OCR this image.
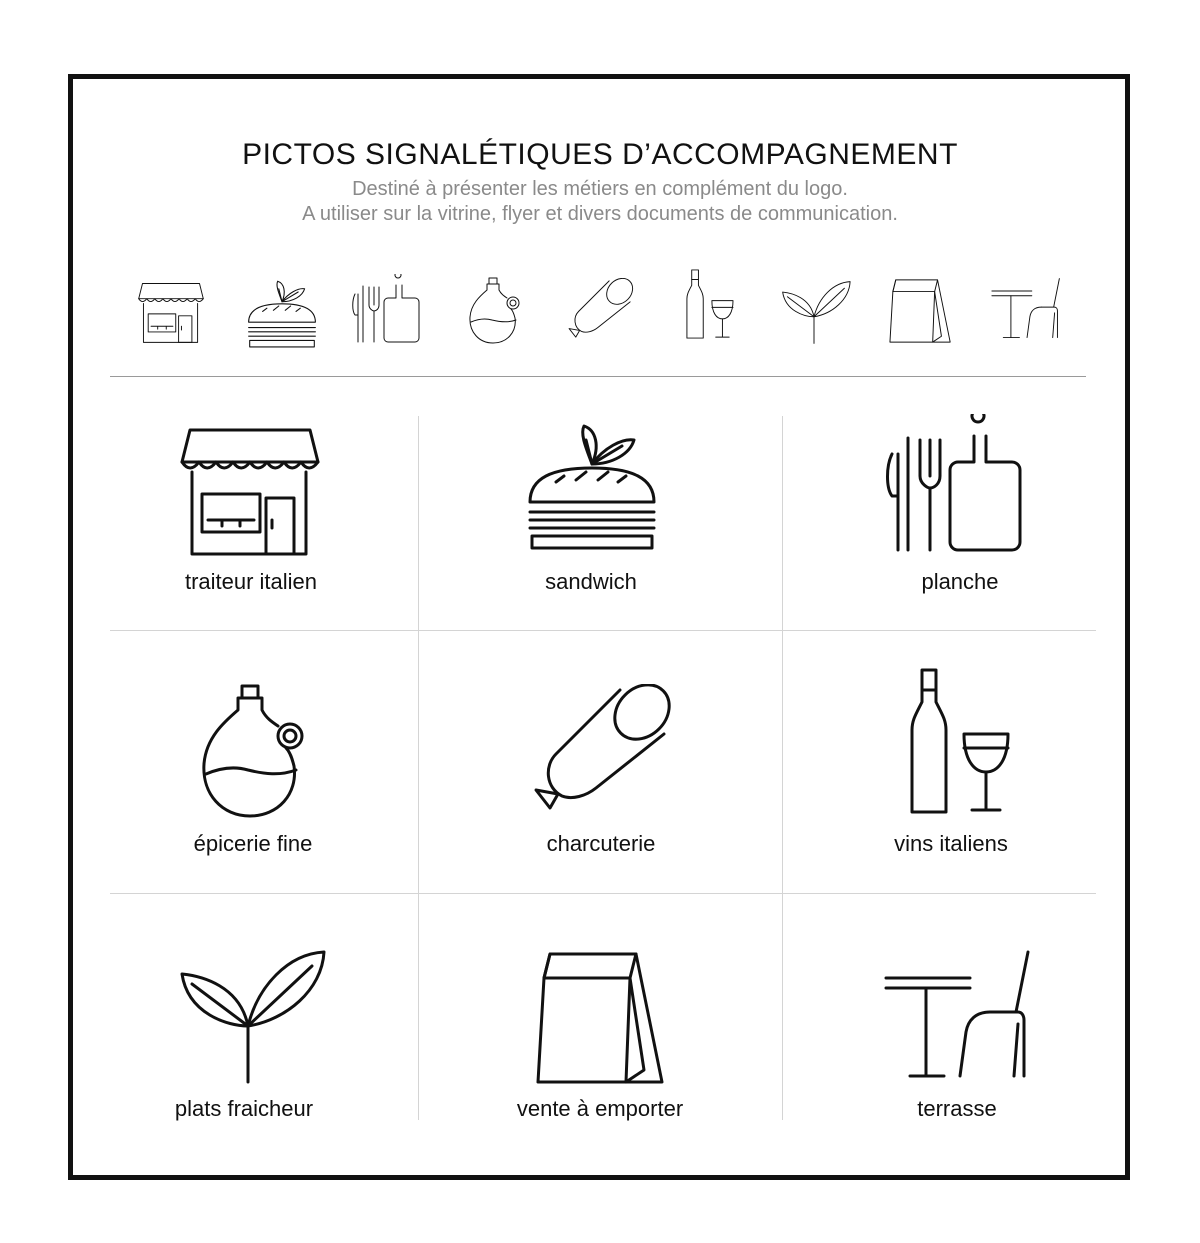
PICTOS SIGNALÉTIQUES D’ACCOMPAGNEMENT
Destiné à présenter les métiers en complément du logo.
A utiliser sur la vitrine, flyer et divers documents de communication.
traiteur italien	sandwich	planche
épicerie fine	charcuterie	vins italiens
plats fraicheur	vente à emporter	terrasse
